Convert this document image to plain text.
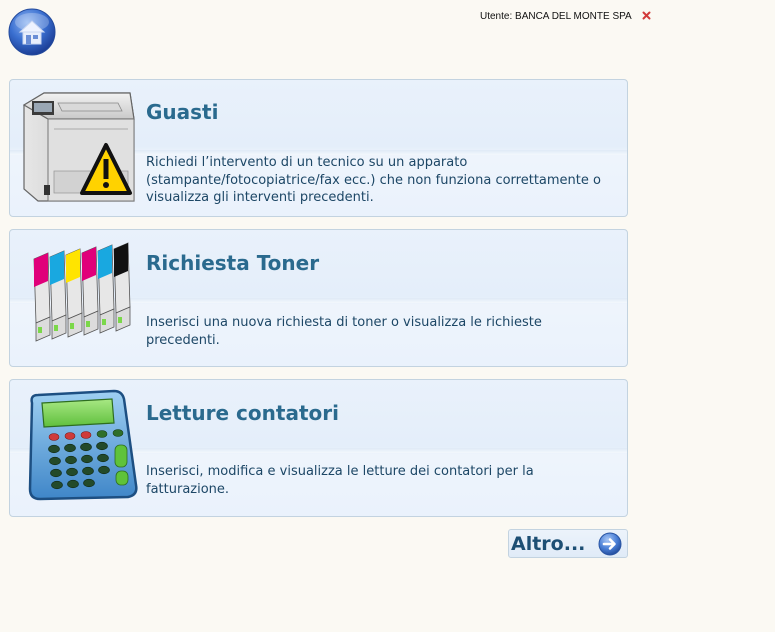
Utente: BANCA DEL MONTE SPA
Guasti

Richiedi l’intervento di un tecnico su un apparato (stampante/fotocopiatrice/fax ecc.) che non funziona correttamente o visualizza gli interventi precedenti.

Richiesta Toner

Inserisci una nuova richiesta di toner o visualizza le richieste precedenti.

Letture contatori

Inserisci, modifica e visualizza le letture dei contatori per la fatturazione.

Altro...
